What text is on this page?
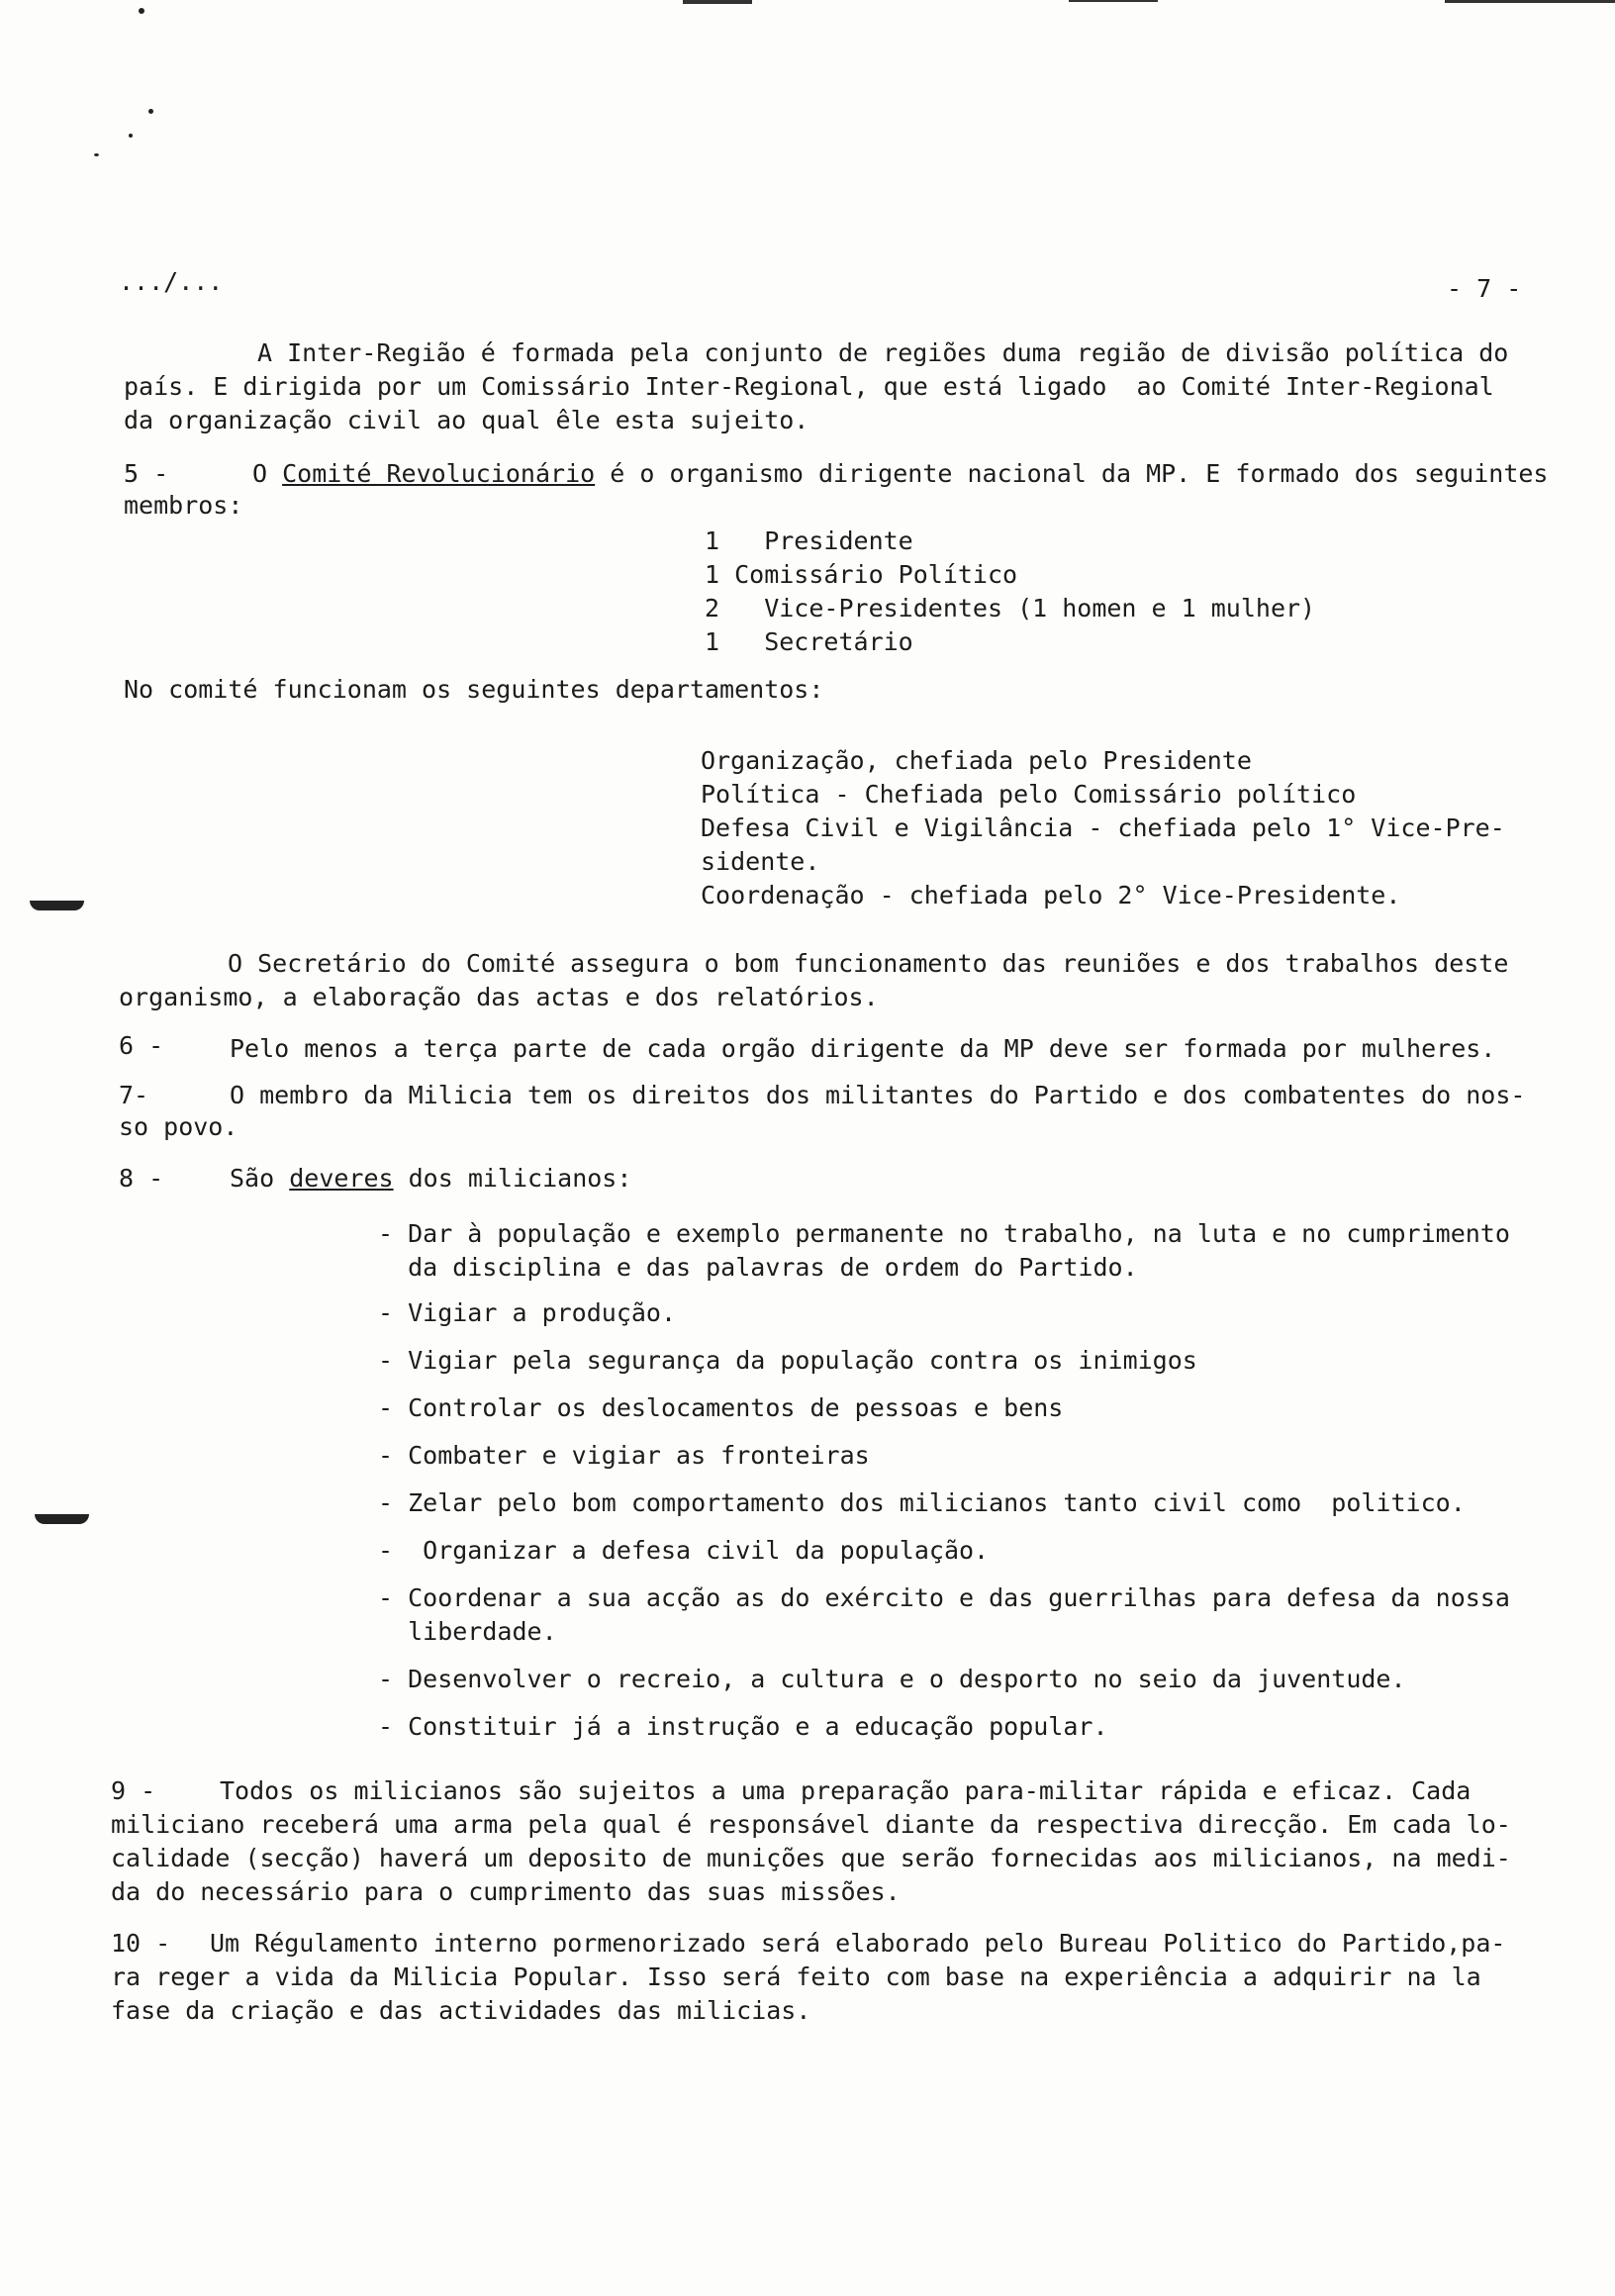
.../...	- 7 -
A Inter-Região é formada pela conjunto de regiões duma região de divisão política do
país. E dirigida por um Comissário Inter-Regional, que está ligado  ao Comité Inter-Regional
da organização civil ao qual êle esta sujeito.
5 -	O Comité Revolucionário é o organismo dirigente nacional da MP. E formado dos seguintes
membros:
1   Presidente
1 Comissário Político
2   Vice-Presidentes (1 homen e 1 mulher)
1   Secretário
No comité funcionam os seguintes departamentos:
Organização, chefiada pelo Presidente
Política - Chefiada pelo Comissário político
Defesa Civil e Vigilância - chefiada pelo 1° Vice-Pre-
sidente.
Coordenação - chefiada pelo 2° Vice-Presidente.
O Secretário do Comité assegura o bom funcionamento das reuniões e dos trabalhos deste
organismo, a elaboração das actas e dos relatórios.
6 -	Pelo menos a terça parte de cada orgão dirigente da MP deve ser formada por mulheres.
7-	O membro da Milicia tem os direitos dos militantes do Partido e dos combatentes do nos-
so povo.
8 -	São deveres dos milicianos:
- Dar à população e exemplo permanente no trabalho, na luta e no cumprimento
da disciplina e das palavras de ordem do Partido.
- Vigiar a produção.
- Vigiar pela segurança da população contra os inimigos
- Controlar os deslocamentos de pessoas e bens
- Combater e vigiar as fronteiras
- Zelar pelo bom comportamento dos milicianos tanto civil como  politico.
-  Organizar a defesa civil da população.
- Coordenar a sua acção as do exército e das guerrilhas para defesa da nossa
liberdade.
- Desenvolver o recreio, a cultura e o desporto no seio da juventude.
- Constituir já a instrução e a educação popular.
9 -	Todos os milicianos são sujeitos a uma preparação para-militar rápida e eficaz. Cada
miliciano receberá uma arma pela qual é responsável diante da respectiva direcção. Em cada lo-
calidade (secção) haverá um deposito de munições que serão fornecidas aos milicianos, na medi-
da do necessário para o cumprimento das suas missões.
10 -	Um Régulamento interno pormenorizado será elaborado pelo Bureau Politico do Partido,pa-
ra reger a vida da Milicia Popular. Isso será feito com base na experiência a adquirir na la
fase da criação e das actividades das milicias.
